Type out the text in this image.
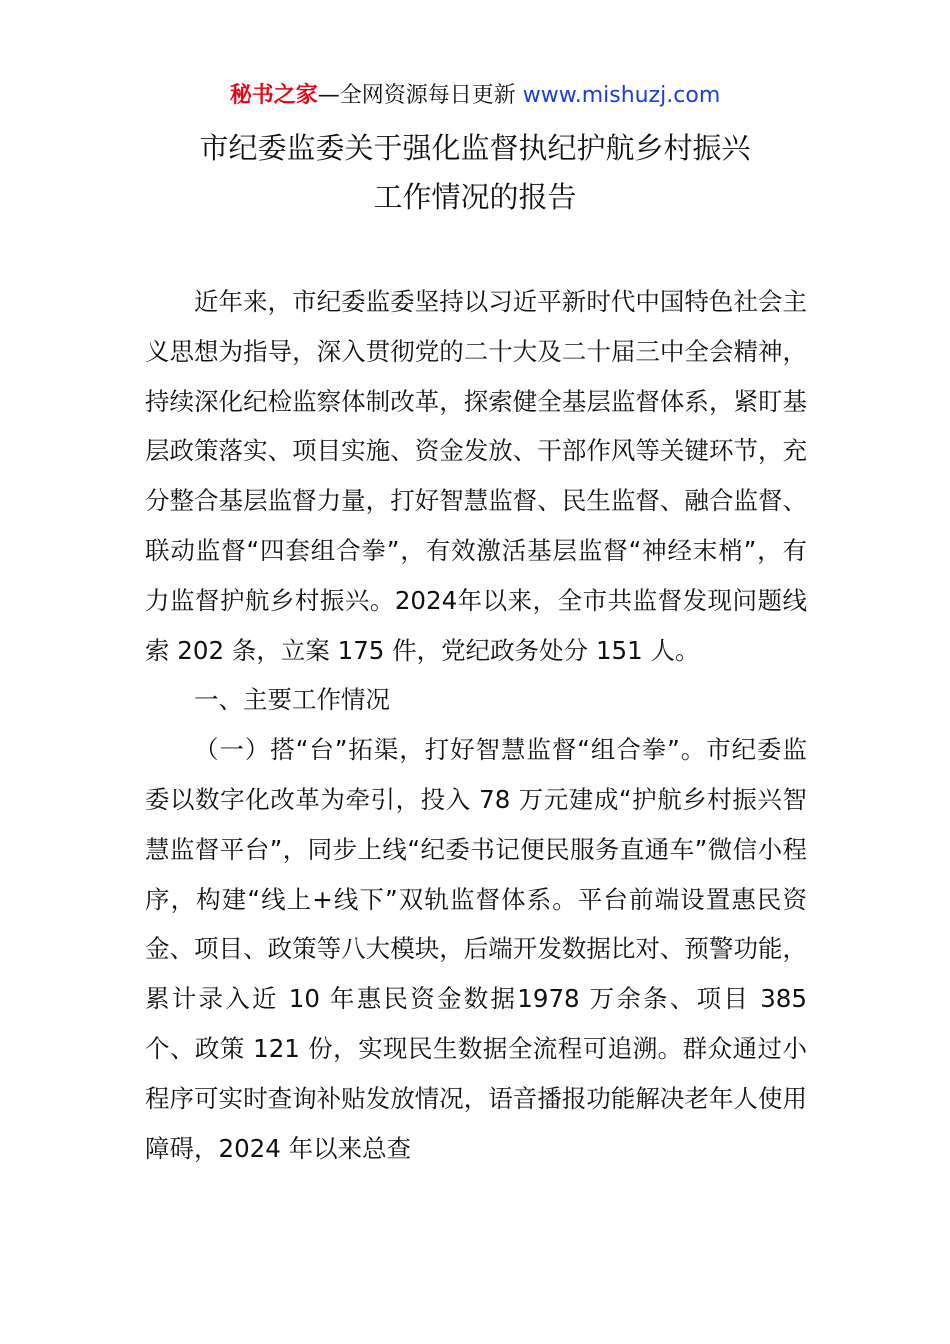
秘书之家—全网资源每日更新 www.mishuzj.com
市纪委监委关于强化监督执纪护航乡村振兴
工作情况的报告

近年来，市纪委监委坚持以习近平新时代中国特色社会主义思想为指导，深入贯彻党的二十大及二十届三中全会精神，持续深化纪检监察体制改革，探索健全基层监督体系，紧盯基层政策落实、项目实施、资金发放、干部作风等关键环节，充分整合基层监督力量，打好智慧监督、民生监督、融合监督、联动监督“四套组合拳”，有效激活基层监督“神经末梢”，有力监督护航乡村振兴。2024年以来，全市共监督发现问题线索 202 条，立案 175 件，党纪政务处分 151 人。

一、主要工作情况

（一）搭“台”拓渠，打好智慧监督“组合拳”。市纪委监委以数字化改革为牵引，投入 78 万元建成“护航乡村振兴智慧监督平台”，同步上线“纪委书记便民服务直通车”微信小程序，构建“线上+线下”双轨监督体系。平台前端设置惠民资金、项目、政策等八大模块，后端开发数据比对、预警功能，累计录入近 10 年惠民资金数据1978 万余条、项目 385 个、政策 121 份，实现民生数据全流程可追溯。群众通过小程序可实时查询补贴发放情况，语音播报功能解决老年人使用障碍，2024 年以来总查
